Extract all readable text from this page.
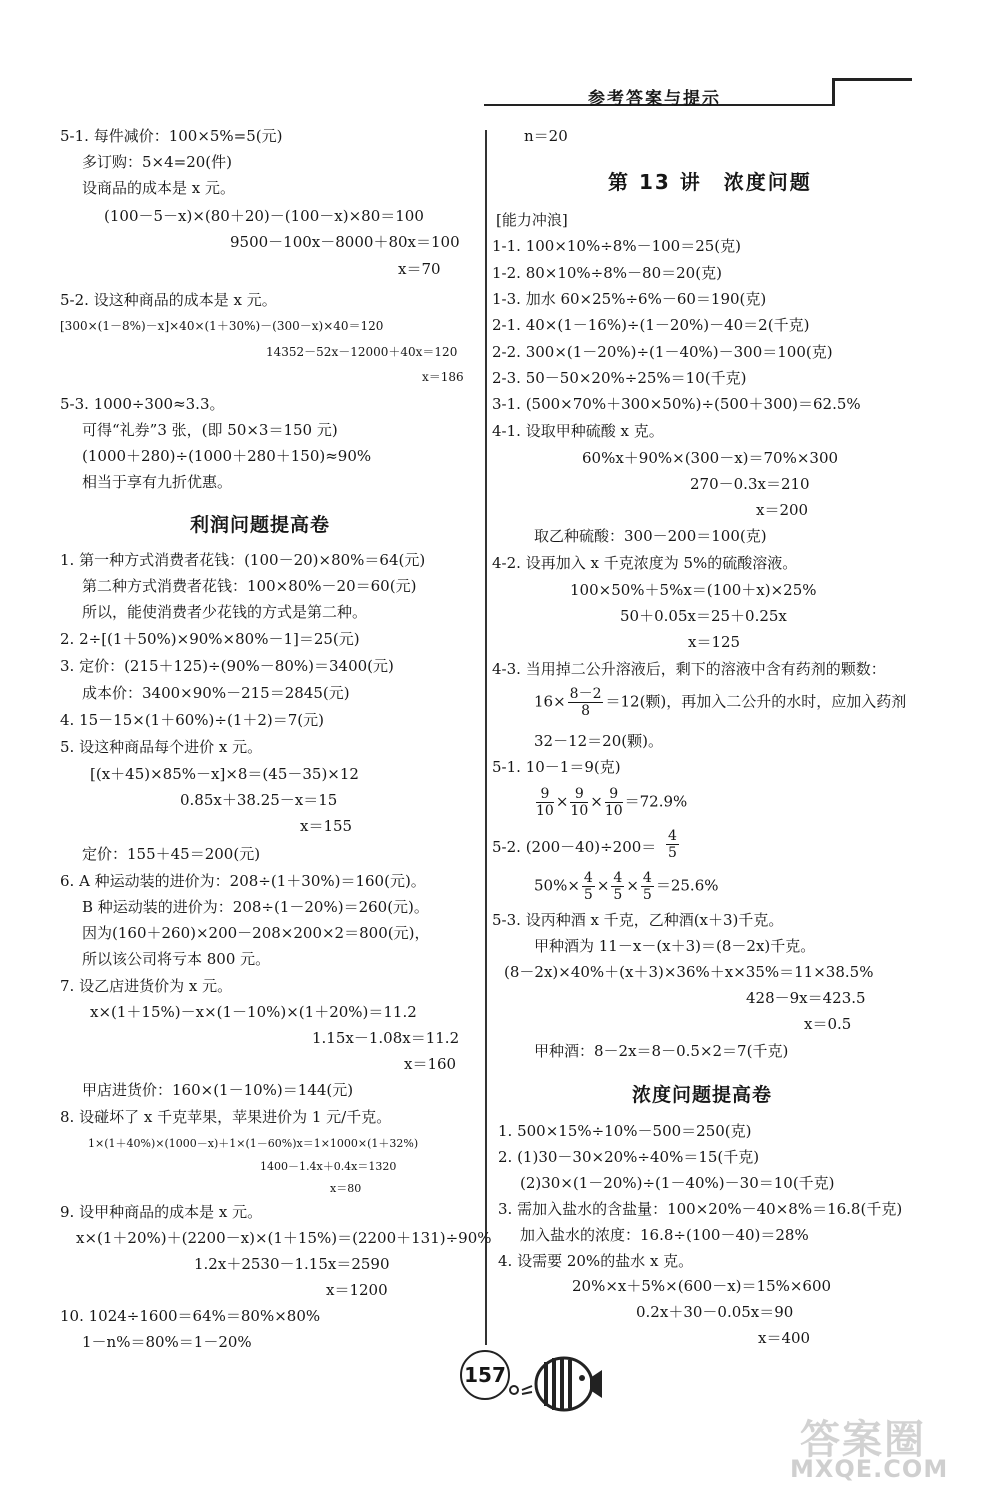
参考答案与提示
利润问题提高卷
5-1. 每件减价：100×5%=5(元)
多订购：5×4=20(件)
设商品的成本是 x 元。
(100－5－x)×(80＋20)－(100－x)×80＝100
9500－100x－8000＋80x＝100
x＝70
5-2. 设这种商品的成本是 x 元。
[300×(1－8%)－x]×40×(1＋30%)－(300－x)×40＝120
14352－52x－12000＋40x＝120
x＝186
5-3. 1000÷300≈3.3。
可得“礼券”3 张，(即 50×3＝150 元)
(1000＋280)÷(1000＋280＋150)≈90%
相当于享有九折优惠。
1. 第一种方式消费者花钱：(100－20)×80%＝64(元)
第二种方式消费者花钱：100×80%－20＝60(元)
所以，能使消费者少花钱的方式是第二种。
2. 2÷[(1＋50%)×90%×80%－1]＝25(元)
3. 定价：(215＋125)÷(90%－80%)＝3400(元)
成本价：3400×90%－215＝2845(元)
4. 15－15×(1＋60%)÷(1＋2)＝7(元)
5. 设这种商品每个进价 x 元。
[(x＋45)×85%－x]×8＝(45－35)×12
0.85x＋38.25－x＝15
x＝155
定价：155＋45＝200(元)
6. A 种运动装的进价为：208÷(1＋30%)＝160(元)。
B 种运动装的进价为：208÷(1－20%)＝260(元)。
因为(160＋260)×200－208×200×2＝800(元)，
所以该公司将亏本 800 元。
7. 设乙店进货价为 x 元。
x×(1＋15%)－x×(1－10%)×(1＋20%)＝11.2
1.15x－1.08x＝11.2
x＝160
甲店进货价：160×(1－10%)＝144(元)
8. 设碰坏了 x 千克苹果，苹果进价为 1 元/千克。
1×(1＋40%)×(1000－x)＋1×(1－60%)x＝1×1000×(1＋32%)
1400－1.4x＋0.4x＝1320
x＝80
9. 设甲种商品的成本是 x 元。
x×(1＋20%)＋(2200－x)×(1＋15%)＝(2200＋131)÷90%
1.2x＋2530－1.15x＝2590
x＝1200
10. 1024÷1600＝64%＝80%×80%
1－n%＝80%＝1－20%
第 13 讲　浓度问题
浓度问题提高卷
$16\times \frac{8-2}{8} =12$(颗)，再加入二公升的水时，应加入药剂
$\frac{9}{10} \times \frac{9}{10} \times \frac{9}{10} =72.9\%$
$\frac{4}{5}$
$50\%\times \frac{4}{5} \times \frac{4}{5} \times \frac{4}{5} =25.6\%$
n＝20
[能力冲浪]
1-1. 100×10%÷8%－100＝25(克)
1-2. 80×10%÷8%－80＝20(克)
1-3. 加水 60×25%÷6%－60＝190(克)
2-1. 40×(1－16%)÷(1－20%)－40＝2(千克)
2-2. 300×(1－20%)÷(1－40%)－300＝100(克)
2-3. 50－50×20%÷25%＝10(千克)
3-1. (500×70%＋300×50%)÷(500＋300)＝62.5%
4-1. 设取甲种硫酸 x 克。
60%x＋90%×(300－x)＝70%×300
270－0.3x＝210
x＝200
取乙种硫酸：300－200＝100(克)
4-2. 设再加入 x 千克浓度为 5%的硫酸溶液。
100×50%＋5%x＝(100＋x)×25%
50＋0.05x＝25＋0.25x
x＝125
4-3. 当用掉二公升溶液后，剩下的溶液中含有药剂的颗数：
32－12＝20(颗)。
5-1. 10－1＝9(克)
5-2. (200－40)÷200＝
5-3. 设丙种酒 x 千克，乙种酒(x＋3)千克。
甲种酒为 11－x－(x＋3)＝(8－2x)千克。
(8－2x)×40%＋(x＋3)×36%＋x×35%＝11×38.5%
428－9x＝423.5
x＝0.5
甲种酒：8－2x＝8－0.5×2＝7(千克)
1. 500×15%÷10%－500＝250(克)
2. (1)30－30×20%÷40%＝15(千克)
(2)30×(1－20%)÷(1－40%)－30＝10(千克)
3. 需加入盐水的含盐量：100×20%－40×8%＝16.8(千克)
加入盐水的浓度：16.8÷(100－40)＝28%
4. 设需要 20%的盐水 x 克。
20%×x＋5%×(600－x)＝15%×600
0.2x＋30－0.05x＝90
x＝400
157
答案圈
MXQE.COM
